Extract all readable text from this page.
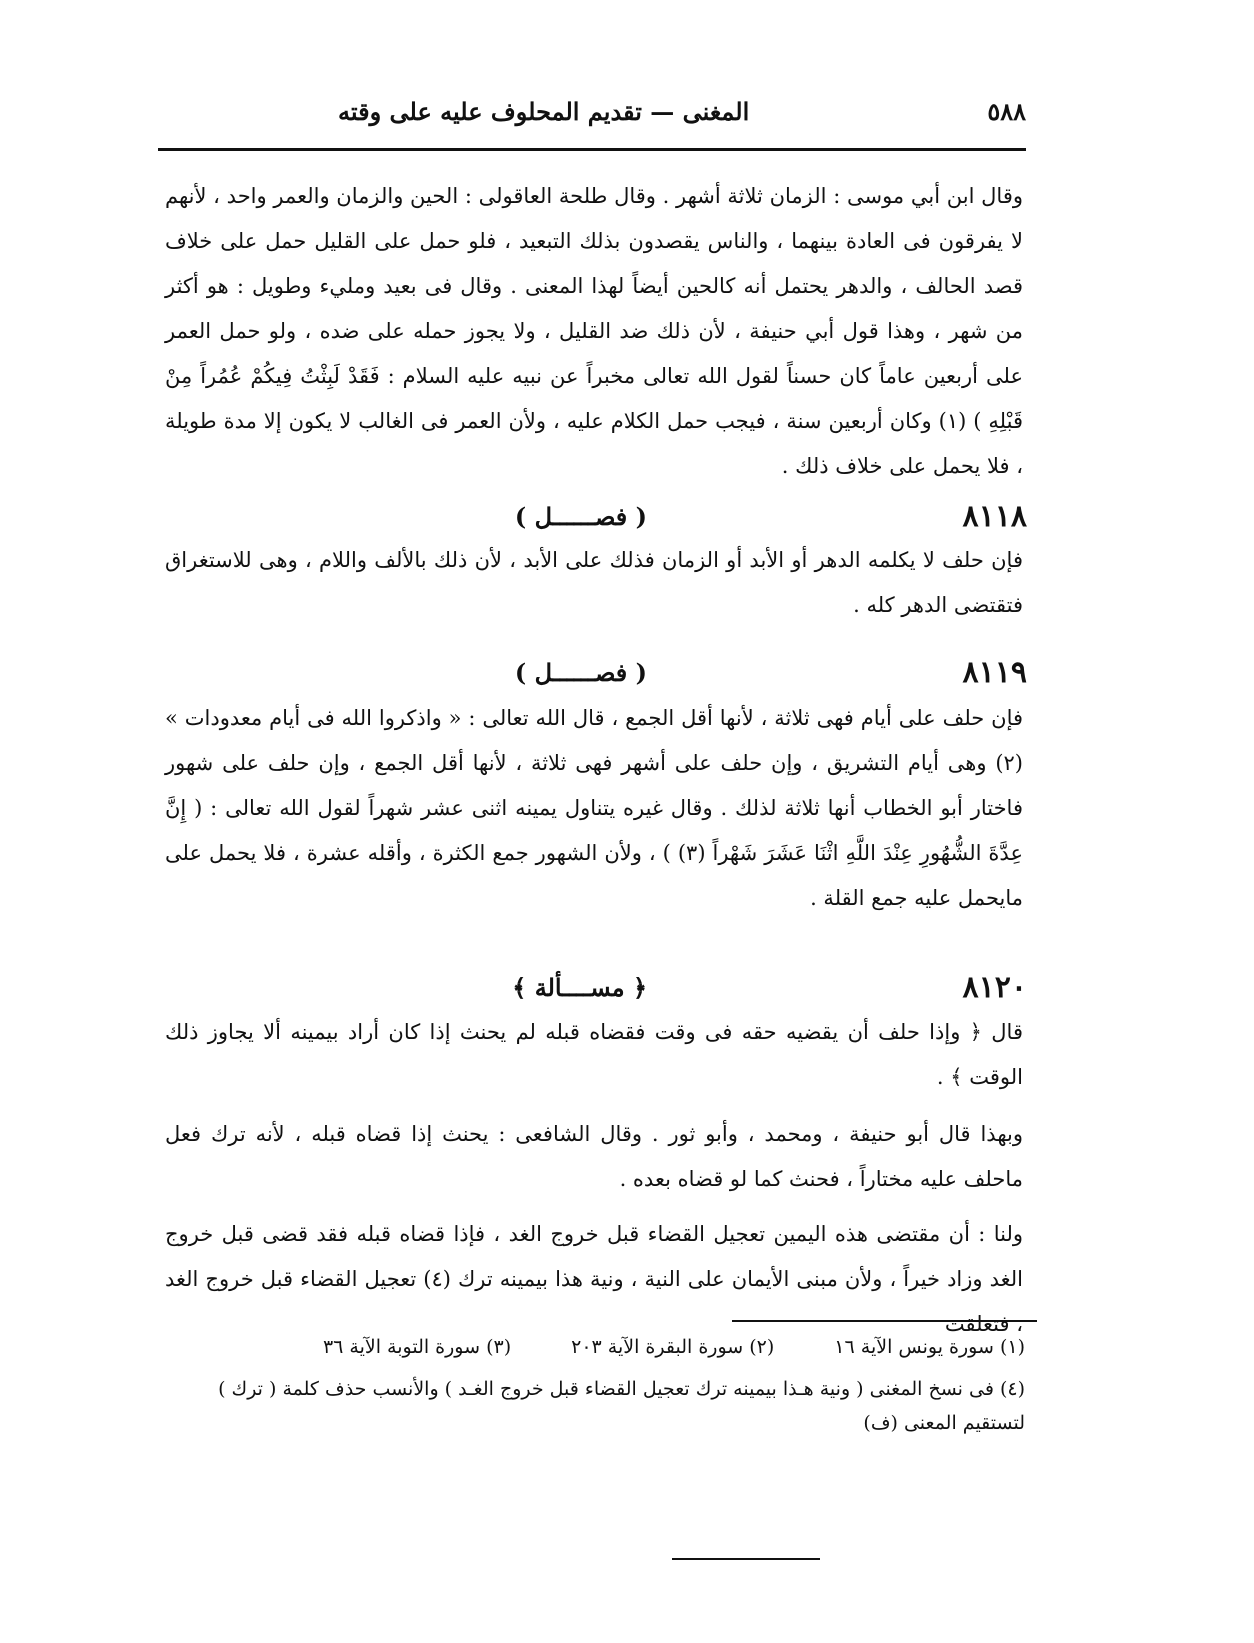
٥٨٨
المغنى — تقديم المحلوف عليه على وقته
وقال ابن أبي موسى : الزمان ثلاثة أشهر . وقال طلحة العاقولى : الحين والزمان والعمر واحد ، لأنهم لا يفرقون فى العادة بينهما ، والناس يقصدون بذلك التبعيد ، فلو حمل على القليل حمل على خلاف قصد الحالف ، والدهر يحتمل أنه كالحين أيضاً لهذا المعنى . وقال فى بعيد ومليء وطويل : هو أكثر من شهر ، وهذا قول أبي حنيفة ، لأن ذلك ضد القليل ، ولا يجوز حمله على ضده ، ولو حمل العمر على أربعين عاماً كان حسناً لقول الله تعالى مخبراً عن نبيه عليه السلام : فَقَدْ لَبِثْتُ فِيكُمْ عُمُراً مِنْ قَبْلِهِ ) (١) وكان أربعين سنة ، فيجب حمل الكلام عليه ، ولأن العمر فى الغالب لا يكون إلا مدة طويلة ، فلا يحمل على خلاف ذلك .
٨١١٨
( فصــــــل )
فإن حلف لا يكلمه الدهر أو الأبد أو الزمان فذلك على الأبد ، لأن ذلك بالألف واللام ، وهى للاستغراق فتقتضى الدهر كله .
٨١١٩
( فصــــــل )
فإن حلف على أيام فهى ثلاثة ، لأنها أقل الجمع ، قال الله تعالى : « واذكروا الله فى أيام معدودات » (٢) وهى أيام التشريق ، وإن حلف على أشهر فهى ثلاثة ، لأنها أقل الجمع ، وإن حلف على شهور فاختار أبو الخطاب أنها ثلاثة لذلك . وقال غيره يتناول يمينه اثنى عشر شهراً لقول الله تعالى : ( إِنَّ عِدَّةَ الشُّهُورِ عِنْدَ اللَّهِ اثْنَا عَشَرَ شَهْراً (٣) ) ، ولأن الشهور جمع الكثرة ، وأقله عشرة ، فلا يحمل على مايحمل عليه جمع القلة .
٨١٢٠
﴿ مســــألة ﴾
قال ﴿ وإذا حلف أن يقضيه حقه فى وقت فقضاه قبله لم يحنث إذا كان أراد بيمينه ألا يجاوز ذلك الوقت ﴾ .
وبهذا قال أبو حنيفة ، ومحمد ، وأبو ثور . وقال الشافعى : يحنث إذا قضاه قبله ، لأنه ترك فعل ماحلف عليه مختاراً ، فحنث كما لو قضاه بعده .
ولنا : أن مقتضى هذه اليمين تعجيل القضاء قبل خروج الغد ، فإذا قضاه قبله فقد قضى قبل خروج الغد وزاد خيراً ، ولأن مبنى الأيمان على النية ، ونية هذا بيمينه ترك (٤) تعجيل القضاء قبل خروج الغد ، فتعلقت
(١) سورة يونس الآية ١٦
(٢) سورة البقرة الآية ٢٠٣
(٣) سورة التوبة الآية ٣٦
(٤) فى نسخ المغنى ( ونية هـذا بيمينه ترك تعجيل القضاء قبل خروج الغـد ) والأنسب حذف كلمة ( ترك ) لتستقيم المعنى (ف)
